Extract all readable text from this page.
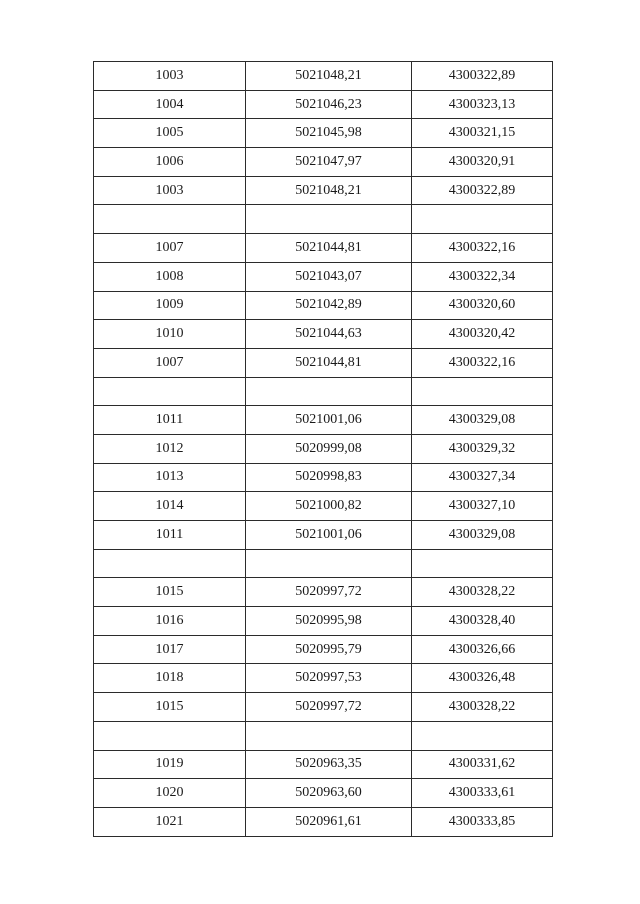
1003	5021048,21	4300322,89
1004	5021046,23	4300323,13
1005	5021045,98	4300321,15
1006	5021047,97	4300320,91
1003	5021048,21	4300322,89

1007	5021044,81	4300322,16
1008	5021043,07	4300322,34
1009	5021042,89	4300320,60
1010	5021044,63	4300320,42
1007	5021044,81	4300322,16

1011	5021001,06	4300329,08
1012	5020999,08	4300329,32
1013	5020998,83	4300327,34
1014	5021000,82	4300327,10
1011	5021001,06	4300329,08

1015	5020997,72	4300328,22
1016	5020995,98	4300328,40
1017	5020995,79	4300326,66
1018	5020997,53	4300326,48
1015	5020997,72	4300328,22

1019	5020963,35	4300331,62
1020	5020963,60	4300333,61
1021	5020961,61	4300333,85
